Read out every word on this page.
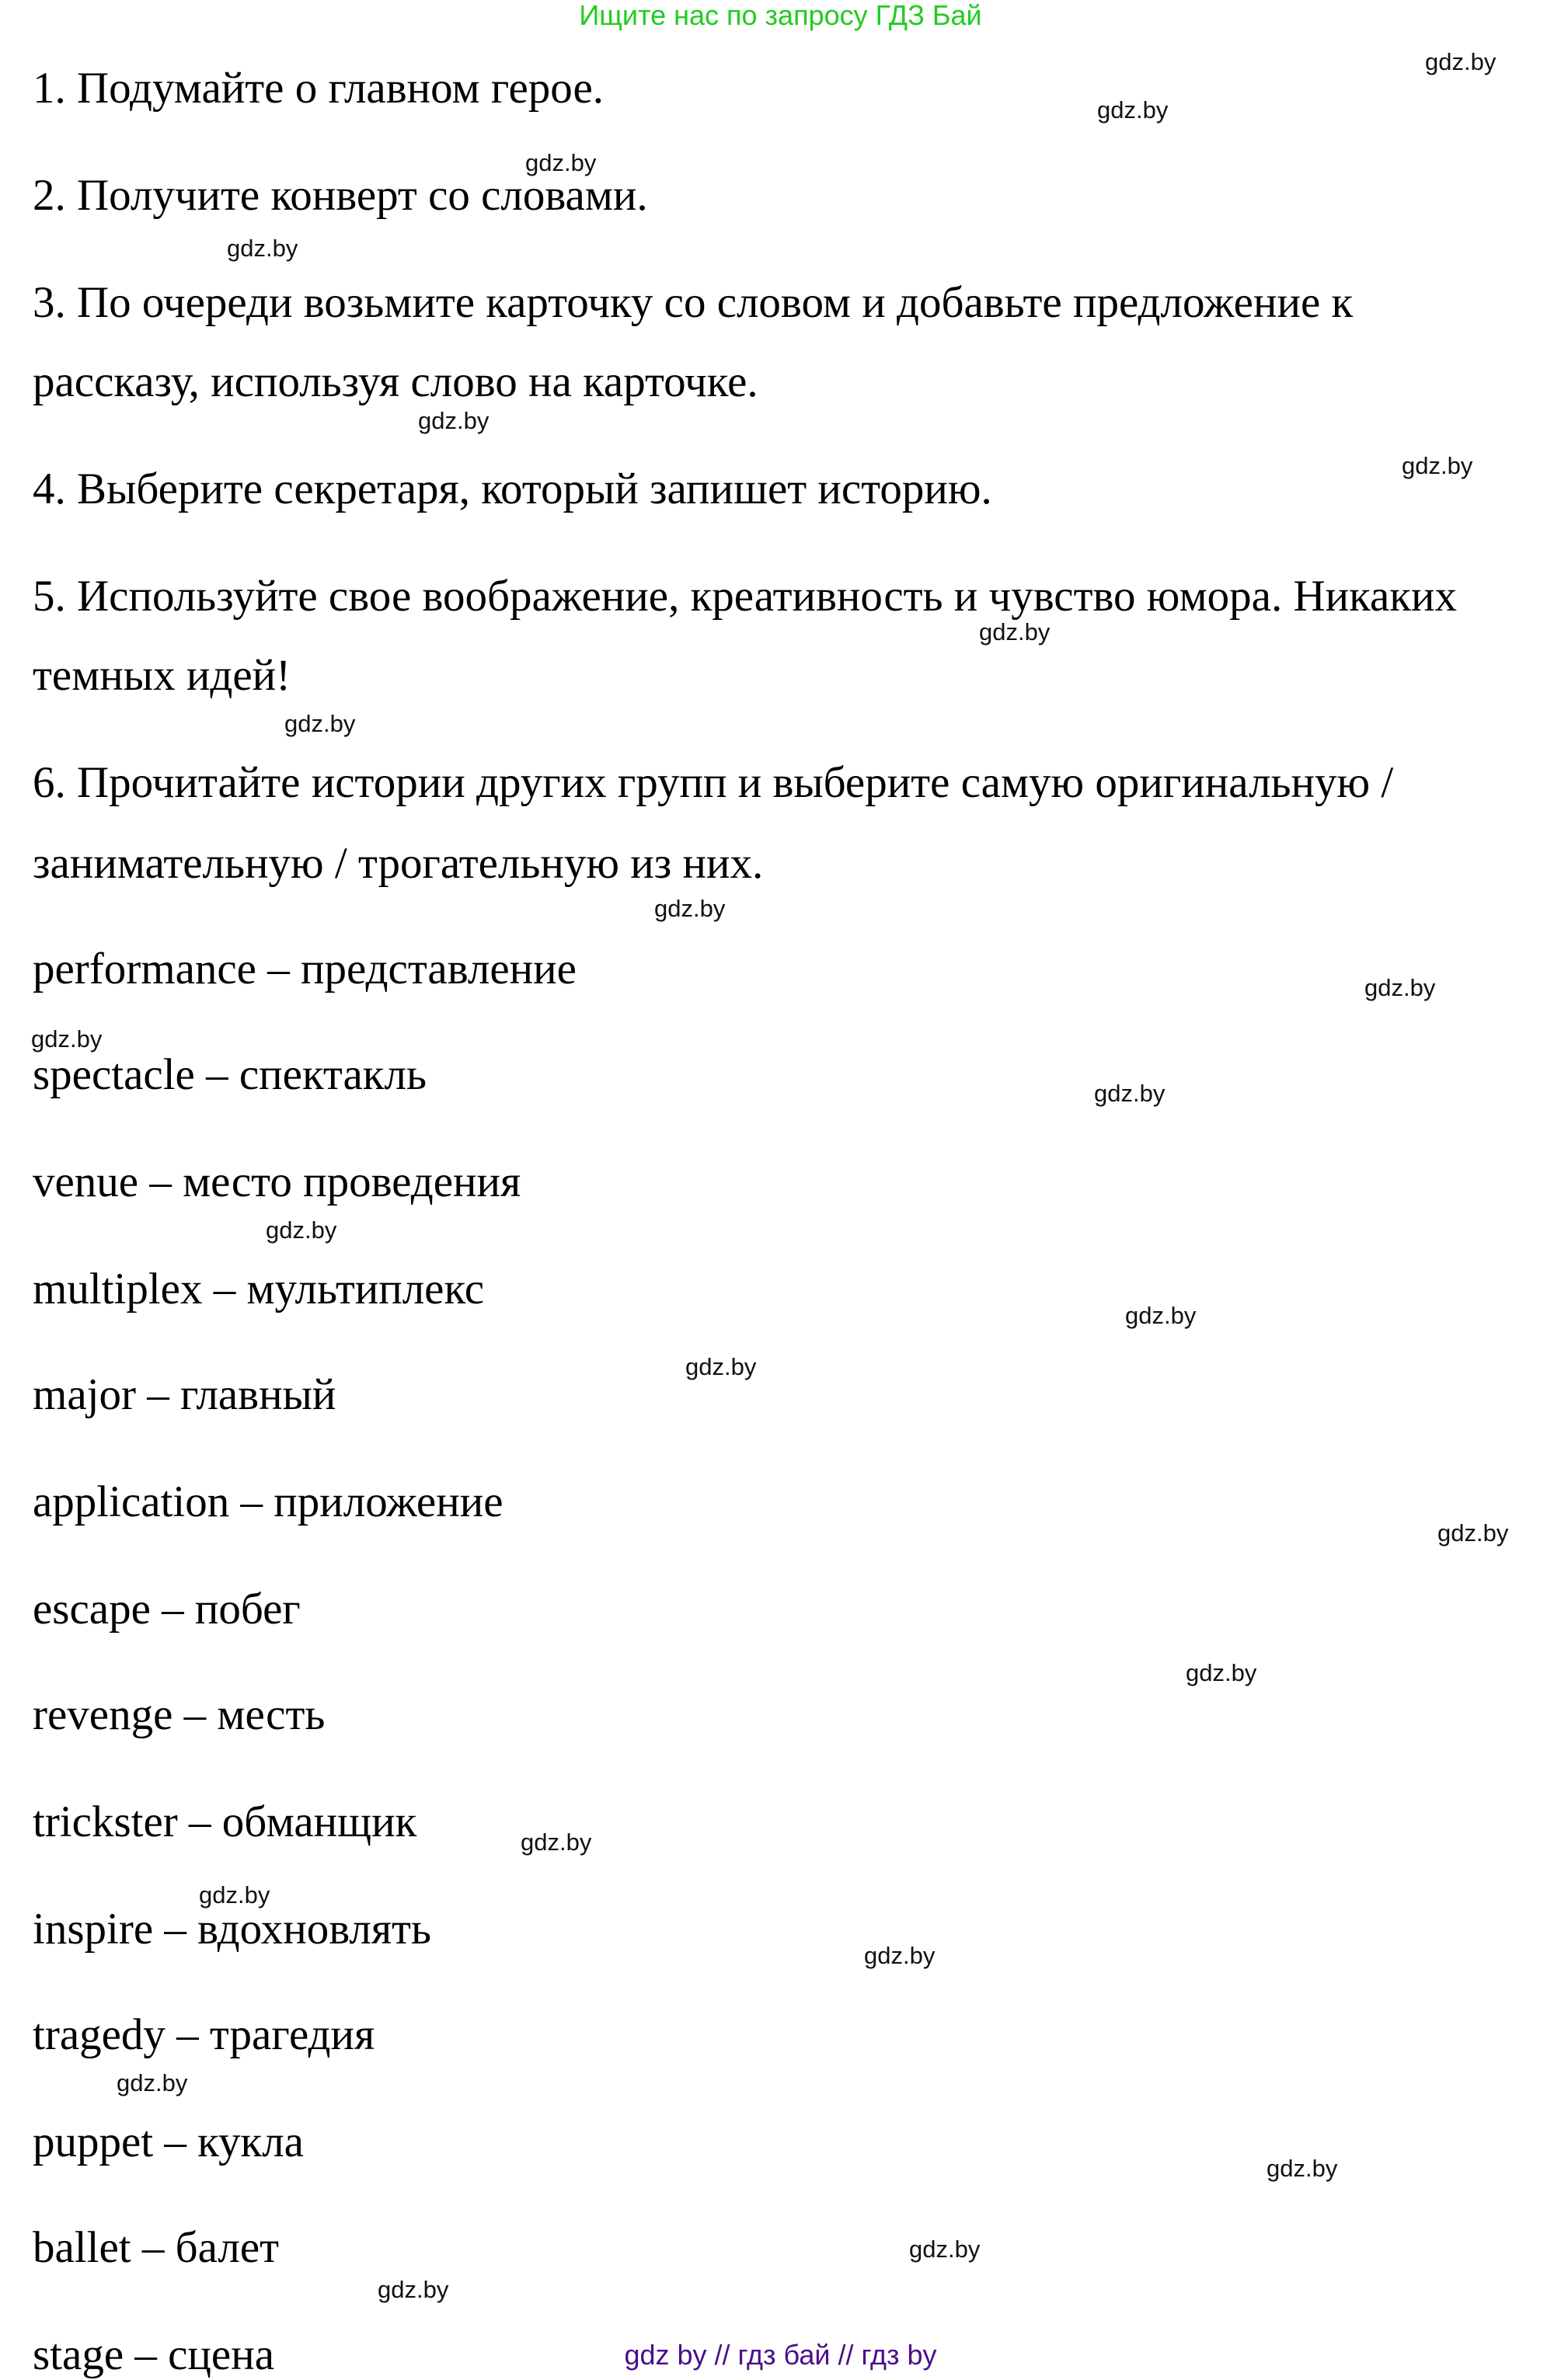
Ищите нас по запросу ГДЗ Бай
1. Подумайте о главном герое.
2. Получите конверт со словами.
3. По очереди возьмите карточку со словом и добавьте предложение к
рассказу, используя слово на карточке.
4. Выберите секретаря, который запишет историю.
5. Используйте свое воображение, креативность и чувство юмора. Никаких
темных идей!
6. Прочитайте истории других групп и выберите самую оригинальную /
занимательную / трогательную из них.
performance – представление
spectacle – спектакль
venue – место проведения
multiplex – мультиплекс
major – главный
application – приложение
escape – побег
revenge – месть
trickster – обманщик
inspire – вдохновлять
tragedy – трагедия
puppet – кукла
ballet – балет
stage – сцена
gdz.by
gdz.by
gdz.by
gdz.by
gdz.by
gdz.by
gdz.by
gdz.by
gdz.by
gdz.by
gdz.by
gdz.by
gdz.by
gdz.by
gdz.by
gdz.by
gdz.by
gdz.by
gdz.by
gdz.by
gdz.by
gdz.by
gdz.by
gdz.by
gdz by // гдз бай // гдз by
